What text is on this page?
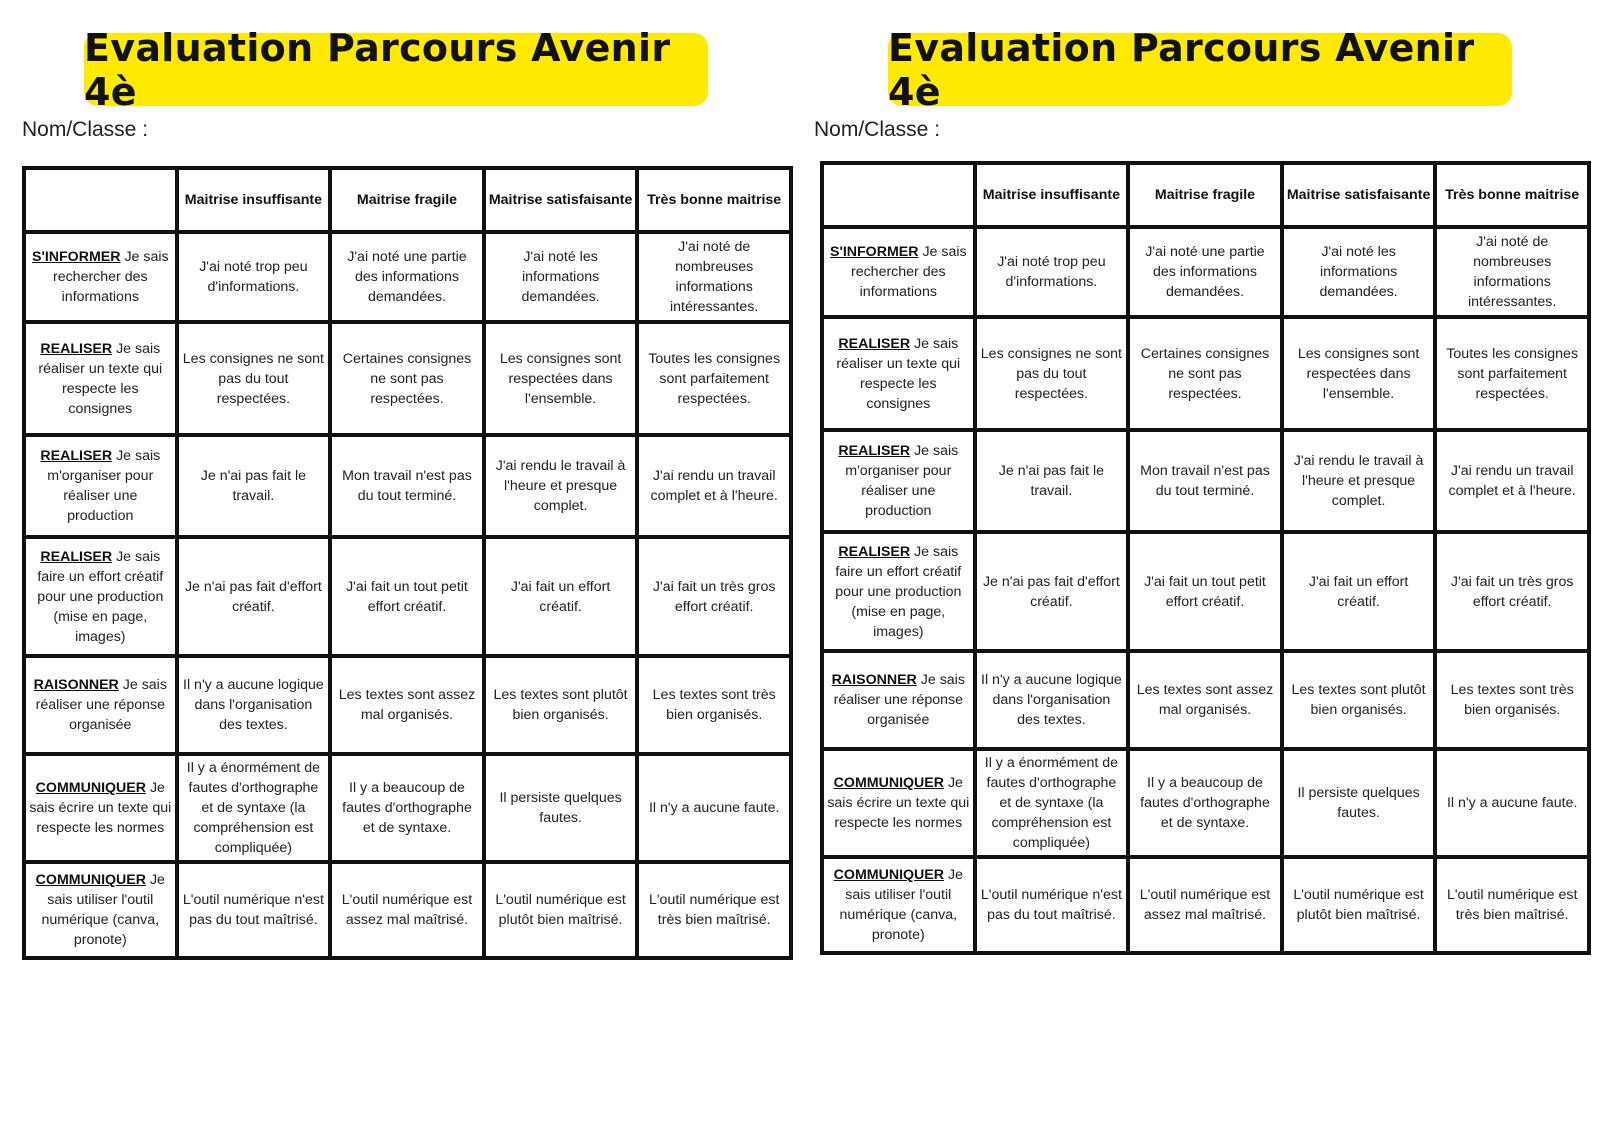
Evaluation Parcours Avenir 4è
Nom/Classe :
	Maitrise insuffisante	Maitrise fragile	Maitrise satisfaisante	Très bonne maitrise
S'INFORMER Je sais rechercher des informations	J'ai noté trop peu d'informations.	J'ai noté une partie des informations demandées.	J'ai noté les informations demandées.	J'ai noté de nombreuses informations intéressantes.
REALISER Je sais réaliser un texte qui respecte les consignes	Les consignes ne sont pas du tout respectées.	Certaines consignes ne sont pas respectées.	Les consignes sont respectées dans l'ensemble.	Toutes les consignes sont parfaitement respectées.
REALISER Je sais m'organiser pour réaliser une production	Je n'ai pas fait le travail.	Mon travail n'est pas du tout terminé.	J'ai rendu le travail à l'heure et presque complet.	J'ai rendu un travail complet et à l'heure.
REALISER Je sais faire un effort créatif pour une production (mise en page, images)	Je n'ai pas fait d'effort créatif.	J'ai fait un tout petit effort créatif.	J'ai fait un effort créatif.	J'ai fait un très gros effort créatif.
RAISONNER Je sais réaliser une réponse organisée	Il n'y a aucune logique dans l'organisation des textes.	Les textes sont assez mal organisés.	Les textes sont plutôt bien organisés.	Les textes sont très bien organisés.
COMMUNIQUER Je sais écrire un texte qui respecte les normes	Il y a énormément de fautes d'orthographe et de syntaxe (la compréhension est compliquée)	Il y a beaucoup de fautes d'orthographe et de syntaxe.	Il persiste quelques fautes.	Il n'y a aucune faute.
COMMUNIQUER Je sais utiliser l'outil numérique (canva, pronote)	L'outil numérique n'est pas du tout maîtrisé.	L'outil numérique est assez mal maîtrisé.	L'outil numérique est plutôt bien maîtrisé.	L'outil numérique est très bien maîtrisé.
Evaluation Parcours Avenir 4è
Nom/Classe :
	Maitrise insuffisante	Maitrise fragile	Maitrise satisfaisante	Très bonne maitrise
S'INFORMER Je sais rechercher des informations	J'ai noté trop peu d'informations.	J'ai noté une partie des informations demandées.	J'ai noté les informations demandées.	J'ai noté de nombreuses informations intéressantes.
REALISER Je sais réaliser un texte qui respecte les consignes	Les consignes ne sont pas du tout respectées.	Certaines consignes ne sont pas respectées.	Les consignes sont respectées dans l'ensemble.	Toutes les consignes sont parfaitement respectées.
REALISER Je sais m'organiser pour réaliser une production	Je n'ai pas fait le travail.	Mon travail n'est pas du tout terminé.	J'ai rendu le travail à l'heure et presque complet.	J'ai rendu un travail complet et à l'heure.
REALISER Je sais faire un effort créatif pour une production (mise en page, images)	Je n'ai pas fait d'effort créatif.	J'ai fait un tout petit effort créatif.	J'ai fait un effort créatif.	J'ai fait un très gros effort créatif.
RAISONNER Je sais réaliser une réponse organisée	Il n'y a aucune logique dans l'organisation des textes.	Les textes sont assez mal organisés.	Les textes sont plutôt bien organisés.	Les textes sont très bien organisés.
COMMUNIQUER Je sais écrire un texte qui respecte les normes	Il y a énormément de fautes d'orthographe et de syntaxe (la compréhension est compliquée)	Il y a beaucoup de fautes d'orthographe et de syntaxe.	Il persiste quelques fautes.	Il n'y a aucune faute.
COMMUNIQUER Je sais utiliser l'outil numérique (canva, pronote)	L'outil numérique n'est pas du tout maîtrisé.	L'outil numérique est assez mal maîtrisé.	L'outil numérique est plutôt bien maîtrisé.	L'outil numérique est très bien maîtrisé.
